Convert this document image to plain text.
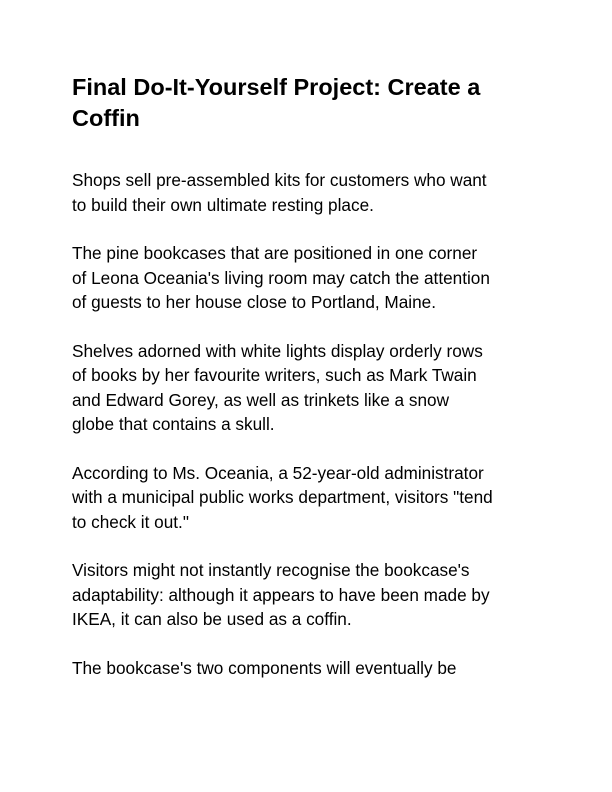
Final Do-It-Yourself Project: Create a
Coffin

Shops sell pre-assembled kits for customers who want
to build their own ultimate resting place.

The pine bookcases that are positioned in one corner
of Leona Oceania's living room may catch the attention
of guests to her house close to Portland, Maine.

Shelves adorned with white lights display orderly rows
of books by her favourite writers, such as Mark Twain
and Edward Gorey, as well as trinkets like a snow
globe that contains a skull.

According to Ms. Oceania, a 52-year-old administrator
with a municipal public works department, visitors "tend
to check it out."

Visitors might not instantly recognise the bookcase's
adaptability: although it appears to have been made by
IKEA, it can also be used as a coffin.

The bookcase's two components will eventually be
